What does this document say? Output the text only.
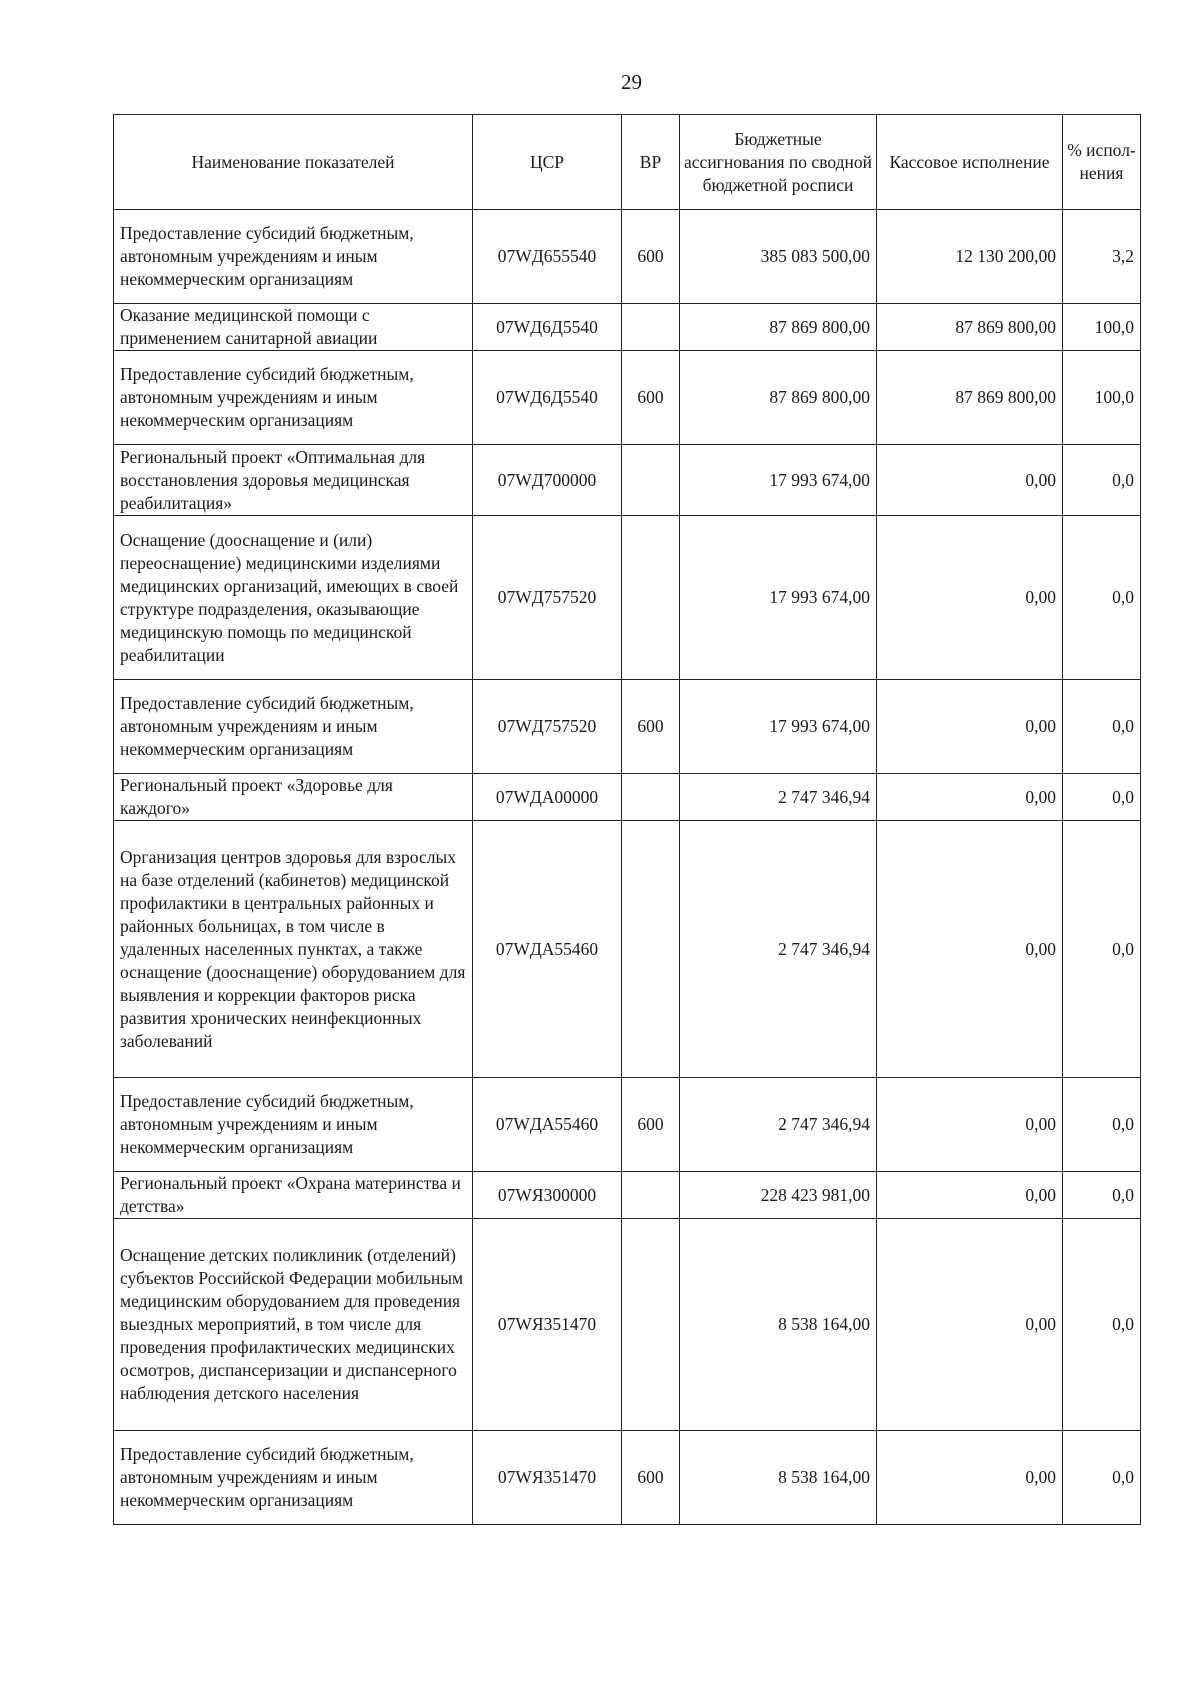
29
Наименование показателей	ЦСР	ВР	Бюджетные ассигнования по сводной бюджетной росписи	Кассовое исполнение	% испол-нения
Предоставление субсидий бюджетным, автономным учреждениям и иным некоммерческим организациям	07WД655540	600	385 083 500,00	12 130 200,00	3,2
Оказание медицинской помощи с применением санитарной авиации	07WД6Д5540		87 869 800,00	87 869 800,00	100,0
Предоставление субсидий бюджетным, автономным учреждениям и иным некоммерческим организациям	07WД6Д5540	600	87 869 800,00	87 869 800,00	100,0
Региональный проект «Оптимальная для восстановления здоровья медицинская реабилитация»	07WД700000		17 993 674,00	0,00	0,0
Оснащение (дооснащение и (или) переоснащение) медицинскими изделиями медицинских организаций, имеющих в своей структуре подразделения, оказывающие медицинскую помощь по медицинской реабилитации	07WД757520		17 993 674,00	0,00	0,0
Предоставление субсидий бюджетным, автономным учреждениям и иным некоммерческим организациям	07WД757520	600	17 993 674,00	0,00	0,0
Региональный проект «Здоровье для каждого»	07WДА00000		2 747 346,94	0,00	0,0
Организация центров здоровья для взрослых на базе отделений (кабинетов) медицинской профилактики в центральных районных и районных больницах, в том числе в удаленных населенных пунктах, а также оснащение (дооснащение) оборудованием для выявления и коррекции факторов риска развития хронических неинфекционных заболеваний	07WДА55460		2 747 346,94	0,00	0,0
Предоставление субсидий бюджетным, автономным учреждениям и иным некоммерческим организациям	07WДА55460	600	2 747 346,94	0,00	0,0
Региональный проект «Охрана материнства и детства»	07WЯ300000		228 423 981,00	0,00	0,0
Оснащение детских поликлиник (отделений) субъектов Российской Федерации мобильным медицинским оборудованием для проведения выездных мероприятий, в том числе для проведения профилактических медицинских осмотров, диспансеризации и диспансерного наблюдения детского населения	07WЯ351470		8 538 164,00	0,00	0,0
Предоставление субсидий бюджетным, автономным учреждениям и иным некоммерческим организациям	07WЯ351470	600	8 538 164,00	0,00	0,0
